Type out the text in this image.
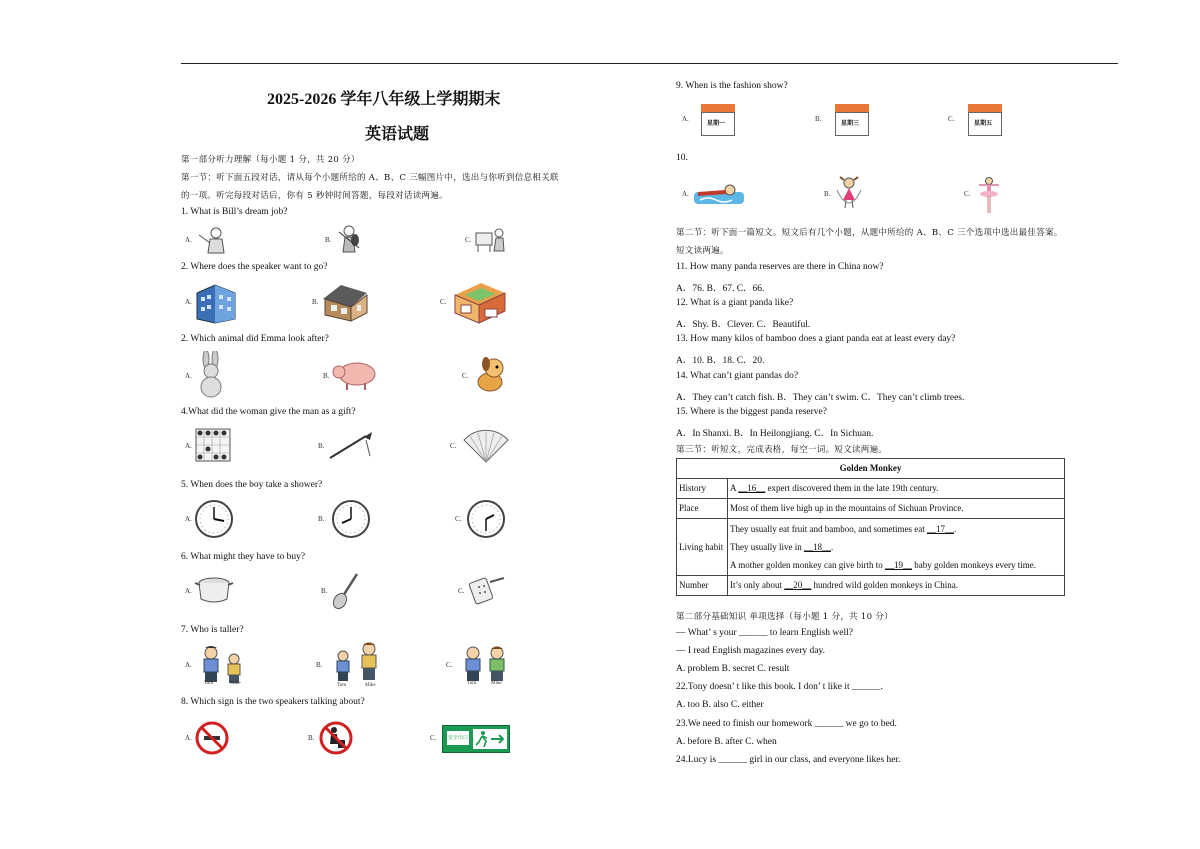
2025-2026 学年八年级上学期期末
英语试题
第一部分听力理解（每小题 1 分，共 20 分）
第一节：听下面五段对话，请从每个小题所给的 A、B、C 三幅图片中，选出与你听到信息相关联
的一项。听完每段对话后，你有 5 秒钟时间答题，每段对话读两遍。
1. What is Bill’s dream job?
A.	B.	C.
2. Where does the speaker want to go?
A.	B.	C.
2. Which animal did Emma look after?
A.	B.	C.
4.What did the woman give the man as a gift?
A.	B.	C.
5. When does the boy take a shower?
A.	B.	C.
6. What might they have to buy?
A.	B.	C.
7. Who is taller?
A.
Tom	Mike
B.
Tom	Mike
C.
Tom	Mike
8. Which sign is the two speakers talking about?
A.	B.	C. 安全出口
9. When is the fashion show?
A.
星期一
B.
星期三
C.
星期五
10.
A.	B.	C.
第二节：听下面一篇短文。短文后有几个小题，从题中所给的 A、B、C 三个选项中选出最佳答案。
短文读两遍。
11. How many panda reserves are there in China now?
A．76. B．67. C．66.
12. What is a giant panda like?
A．Shy. B．Clever. C．Beautiful.
13. How many kilos of bamboo does a giant panda eat at least every day?
A．10. B．18. C．20.
14. What can’t giant pandas do?
A．They can’t catch fish. B．They can’t swim. C．They can’t climb trees.
15. Where is the biggest panda reserve?
A．In Shanxi. B．In Heilongjiang. C．In Sichuan.
第三节：听短文，完成表格，每空一词。短文读两遍。
Golden Monkey	
History	A __16__ expert discovered them in the late 19th century.
Place	Most of them live high up in the mountains of Sichuan Province.
Living habit	They usually eat fruit and bamboo, and sometimes eat __17__.
They usually live in __18__.
A mother golden monkey can give birth to __19__ baby golden monkeys every time.

Number	It’s only about __20__ hundred wild golden monkeys in China.
第二部分基础知识 单项选择（每小题 1 分，共 10 分）
— What’ s your ______ to learn English well?
— I read English magazines every day.
A. problem B. secret C. result
22.Tony doesn’ t like this book. I don’ t like it ______.
A. too B. also C. either
23.We need to finish our homework ______ we go to bed.
A. before B. after C. when
24.Lucy is ______ girl in our class, and everyone likes her.
